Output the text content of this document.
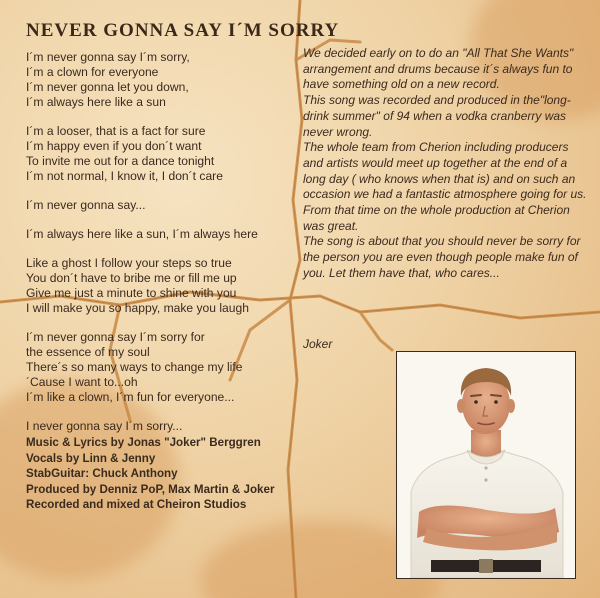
NEVER GONNA SAY I´M SORRY
I´m never gonna say I´m sorry,
I´m a clown for everyone
I´m never gonna let you down,
I´m always here like a sun
I´m a looser, that is a fact for sure
I´m happy even if you don´t want
To invite me out for a dance tonight
I´m not normal, I know it, I don´t care
I´m never gonna say...
I´m always here like a sun, I´m always here
Like a ghost I follow your steps so true
You don´t have to bribe me or fill me up
Give me just a minute to shine with you
I will make you so happy, make you laugh
I´m never gonna say I´m sorry for
the essence of my soul
There´s so many ways to change my life
´Cause I want to...oh
I´m like a clown, I´m fun for everyone...
I never gonna say I´m sorry...
Music & Lyrics by Jonas "Joker" Berggren
Vocals by Linn & Jenny
StabGuitar: Chuck Anthony
Produced by Denniz PoP, Max Martin & Joker
Recorded and mixed at Cheiron Studios

We decided early on to do an "All That She Wants" arrangement and drums because it´s always fun to have something old on a new record.

This song was recorded and produced in the"long-drink summer" of 94 when a vodka cranberry was never wrong.

The whole team from Cherion including producers and artists would meet up together at the end of a long day ( who knows when that is) and on such an occasion we had a fantastic atmosphere going for us. From that time on the whole production at Cherion was great.

The song is about that you should never be sorry for the person you are even though people make fun of you. Let them have that, who cares...

Joker
